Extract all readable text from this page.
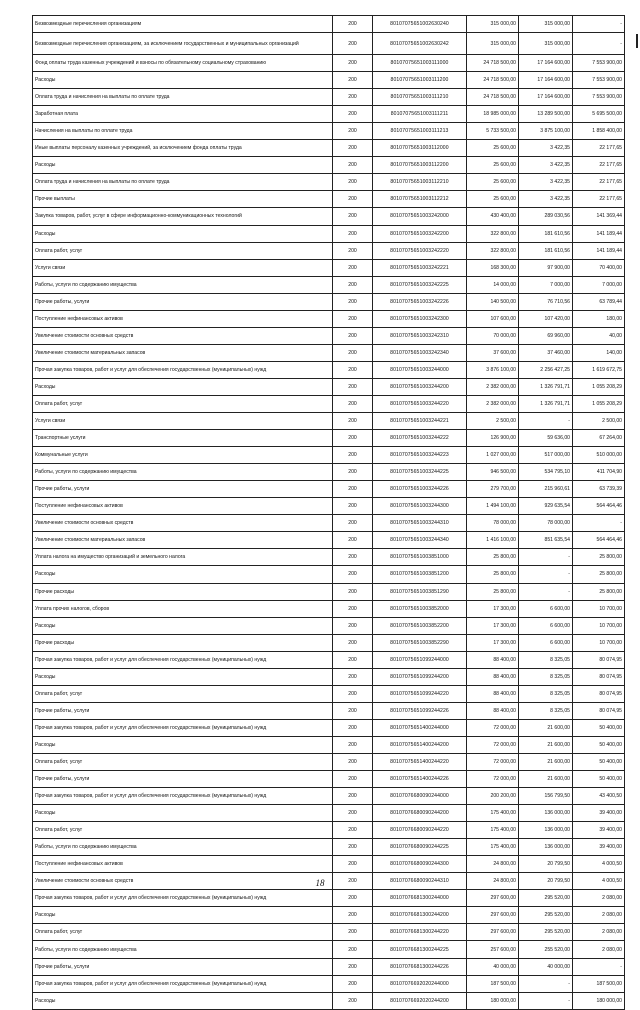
Безвозмездные перечисления организациям	200	80107075651002630240	315 000,00	315 000,00	-
Безвозмездные перечисления организациям, за исключением государственных и муниципальных организаций	200	80107075651002630242	315 000,00	315 000,00	-
Фонд оплаты труда казенных учреждений и взносы по обязательному социальному страхованию	200	80107075651003111000	24 718 500,00	17 164 600,00	7 553 900,00
Расходы	200	80107075651003111200	24 718 500,00	17 164 600,00	7 553 900,00
Оплата труда и начисления на выплаты по оплате труда	200	80107075651003111210	24 718 500,00	17 164 600,00	7 553 900,00
Заработная плата	200	80107075651003111211	18 985 000,00	13 289 500,00	5 695 500,00
Начисления на выплаты по оплате труда	200	80107075651003111213	5 733 500,00	3 875 100,00	1 858 400,00
Иные выплаты персоналу казенных учреждений, за исключением фонда оплаты труда	200	80107075651003112000	25 600,00	3 422,35	22 177,65
Расходы	200	80107075651003112200	25 600,00	3 422,35	22 177,65
Оплата труда и начисления на выплаты по оплате труда	200	80107075651003112210	25 600,00	3 422,35	22 177,65
Прочие выплаты	200	80107075651003112212	25 600,00	3 422,35	22 177,65
Закупка товаров, работ, услуг в сфере информационно-коммуникационных технологий	200	80107075651003242000	430 400,00	289 030,56	141 369,44
Расходы	200	80107075651003242200	322 800,00	181 610,56	141 189,44
Оплата работ, услуг	200	80107075651003242220	322 800,00	181 610,56	141 189,44
Услуги связи	200	80107075651003242221	168 300,00	97 900,00	70 400,00
Работы, услуги по содержанию имущества	200	80107075651003242225	14 000,00	7 000,00	7 000,00
Прочие работы, услуги	200	80107075651003242226	140 500,00	76 710,56	63 789,44
Поступление нефинансовых активов	200	80107075651003242300	107 600,00	107 420,00	180,00
Увеличение стоимости основных средств	200	80107075651003242310	70 000,00	69 960,00	40,00
Увеличение стоимости материальных запасов	200	80107075651003242340	37 600,00	37 460,00	140,00
Прочая закупка товаров, работ и услуг для обеспечения государственных (муниципальных) нужд	200	80107075651003244000	3 876 100,00	2 256 427,25	1 619 672,75
Расходы	200	80107075651003244200	2 382 000,00	1 326 791,71	1 055 208,29
Оплата работ, услуг	200	80107075651003244220	2 382 000,00	1 326 791,71	1 055 208,29
Услуги связи	200	80107075651003244221	2 500,00	-	2 500,00
Транспортные услуги	200	80107075651003244222	126 900,00	59 636,00	67 264,00
Коммунальные услуги	200	80107075651003244223	1 027 000,00	517 000,00	510 000,00
Работы, услуги по содержанию имущества	200	80107075651003244225	946 500,00	534 795,10	411 704,90
Прочие работы, услуги	200	80107075651003244226	279 700,00	215 960,61	63 739,39
Поступление нефинансовых активов	200	80107075651003244300	1 494 100,00	929 635,54	564 464,46
Увеличение стоимости основных средств	200	80107075651003244310	78 000,00	78 000,00	-
Увеличение стоимости материальных запасов	200	80107075651003244340	1 416 100,00	851 635,54	564 464,46
Уплата налога на имущество организаций и земельного налога	200	80107075651003851000	25 800,00	-	25 800,00
Расходы	200	80107075651003851200	25 800,00	-	25 800,00
Прочие расходы	200	80107075651003851290	25 800,00	-	25 800,00
Уплата прочих налогов, сборов	200	80107075651003852000	17 300,00	6 600,00	10 700,00
Расходы	200	80107075651003852200	17 300,00	6 600,00	10 700,00
Прочие расходы	200	80107075651003852290	17 300,00	6 600,00	10 700,00
Прочая закупка товаров, работ и услуг для обеспечения государственных (муниципальных) нужд	200	80107075651099244000	88 400,00	8 325,05	80 074,95
Расходы	200	80107075651099244200	88 400,00	8 325,05	80 074,95
Оплата работ, услуг	200	80107075651099244220	88 400,00	8 325,05	80 074,95
Прочие работы, услуги	200	80107075651099244226	88 400,00	8 325,05	80 074,95
Прочая закупка товаров, работ и услуг для обеспечения государственных (муниципальных) нужд	200	80107075651400244000	72 000,00	21 600,00	50 400,00
Расходы	200	80107075651400244200	72 000,00	21 600,00	50 400,00
Оплата работ, услуг	200	80107075651400244220	72 000,00	21 600,00	50 400,00
Прочие работы, услуги	200	80107075651400244226	72 000,00	21 600,00	50 400,00
Прочая закупка товаров, работ и услуг для обеспечения государственных (муниципальных) нужд	200	80107076680090244000	200 200,00	156 799,50	43 400,50
Расходы	200	80107076680090244200	175 400,00	136 000,00	39 400,00
Оплата работ, услуг	200	80107076680090244220	175 400,00	136 000,00	39 400,00
Работы, услуги по содержанию имущества	200	80107076680090244225	175 400,00	136 000,00	39 400,00
Поступление нефинансовых активов	200	80107076680090244300	24 800,00	20 799,50	4 000,50
Увеличение стоимости основных средств	200	80107076680090244310	24 800,00	20 799,50	4 000,50
Прочая закупка товаров, работ и услуг для обеспечения государственных (муниципальных) нужд	200	80107076681300244000	297 600,00	295 520,00	2 080,00
Расходы	200	80107076681300244200	297 600,00	295 520,00	2 080,00
Оплата работ, услуг	200	80107076681300244220	297 600,00	295 520,00	2 080,00
Работы, услуги по содержанию имущества	200	80107076681300244225	257 600,00	255 520,00	2 080,00
Прочие работы, услуги	200	80107076681300244226	40 000,00	40 000,00	-
Прочая закупка товаров, работ и услуг для обеспечения государственных (муниципальных) нужд	200	80107076692020244000	187 500,00	-	187 500,00
Расходы	200	80107076692020244200	180 000,00	-	180 000,00
18
